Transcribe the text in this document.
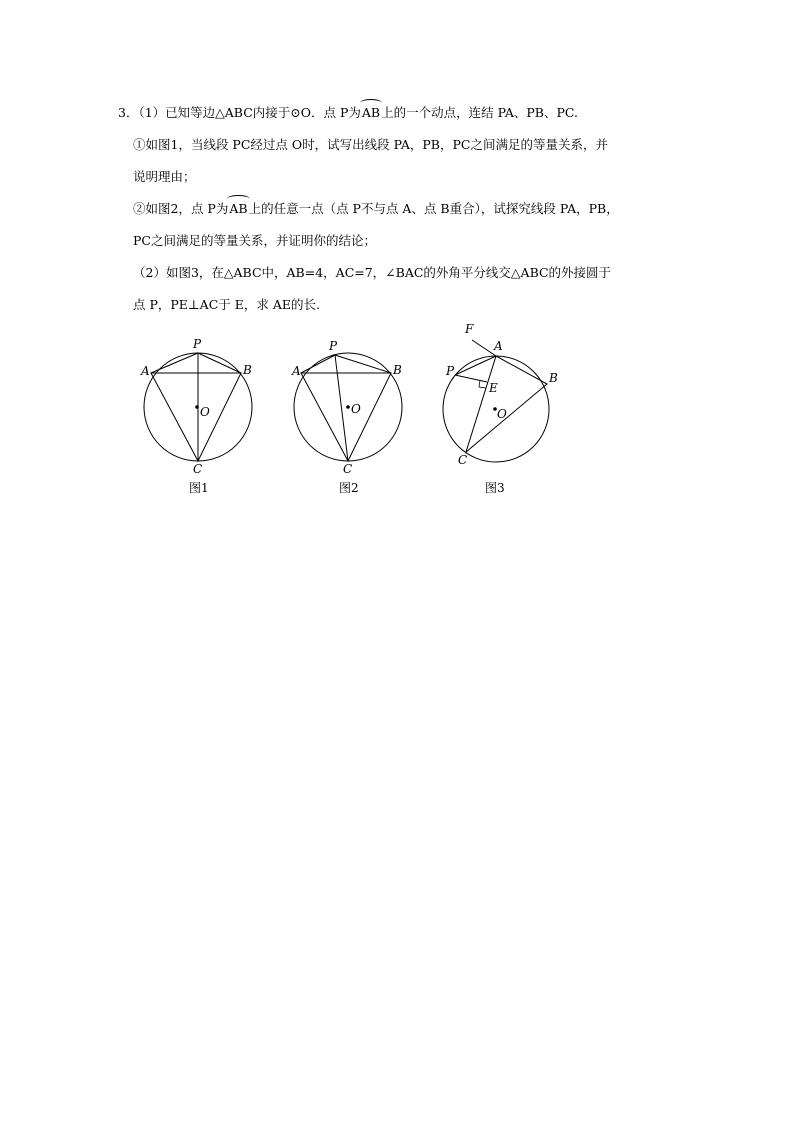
3．（1）已知等边△ABC内接于⊙O．点 P为AB上的一个动点，连结 PA、PB、PC.
①如图1，当线段 PC经过点 O时，试写出线段 PA，PB，PC之间满足的等量关系，并
说明理由；
②如图2，点 P为AB上的任意一点（点 P不与点 A、点 B重合），试探究线段 PA，PB，
PC之间满足的等量关系，并证明你的结论；
（2）如图3，在△ABC中，AB=4，AC=7，∠BAC的外角平分线交△ABC的外接圆于
点 P，PE⊥AC于 E，求 AE的长.
P
A	B
O
C
图1
P
A	B
O
C
图2
F
A
P	B
E
O
C
图3
